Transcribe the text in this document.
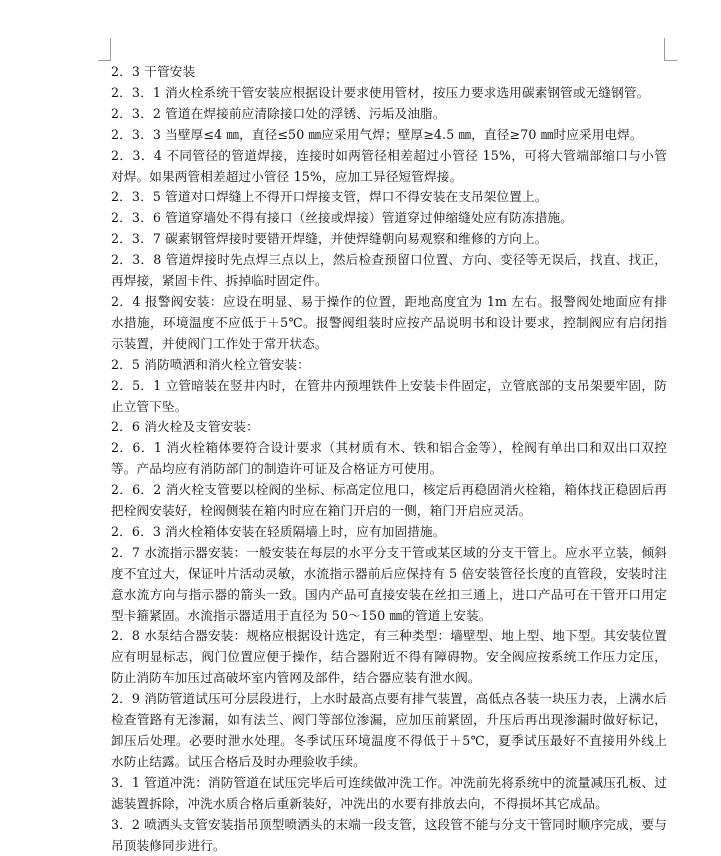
2．3 干管安装

2．3．1 消火栓系统干管安装应根据设计要求使用管材，按压力要求选用碳素钢管或无缝钢管。

2．3．2 管道在焊接前应清除接口处的浮锈、污垢及油脂。

2．3．3 当壁厚≤4 ㎜，直径≤50 ㎜应采用气焊；壁厚≥4.5 ㎜，直径≥70 ㎜时应采用电焊。

2．3．4 不同管径的管道焊接，连接时如两管径相差超过小管径 15%，可将大管端部缩口与小管对焊。如果两管相差超过小管径 15%，应加工异径短管焊接。

2．3．5 管道对口焊缝上不得开口焊接支管，焊口不得安装在支吊架位置上。

2．3．6 管道穿墙处不得有接口（丝接或焊接）管道穿过伸缩缝处应有防冻措施。

2．3．7 碳素钢管焊接时要错开焊缝，并使焊缝朝向易观察和维修的方向上。

2．3．8 管道焊接时先点焊三点以上，然后检查预留口位置、方向、变径等无误后，找直、找正，再焊接，紧固卡件、拆掉临时固定件。

2．4 报警阀安装：应设在明显、易于操作的位置，距地高度宜为 1m 左右。报警阀处地面应有排水措施，环境温度不应低于＋5℃。报警阀组装时应按产品说明书和设计要求，控制阀应有启闭指示装置，并使阀门工作处于常开状态。

2．5 消防喷洒和消火栓立管安装：

2．5．1 立管暗装在竖井内时，在管井内预埋铁件上安装卡件固定，立管底部的支吊架要牢固，防止立管下坠。

2．6 消火栓及支管安装：

2．6．1 消火栓箱体要符合设计要求（其材质有木、铁和铝合金等），栓阀有单出口和双出口双控等。产品均应有消防部门的制造许可证及合格证方可使用。

2．6．2 消火栓支管要以栓阀的坐标、标高定位甩口，核定后再稳固消火栓箱，箱体找正稳固后再把栓阀安装好，栓阀侧装在箱内时应在箱门开启的一侧，箱门开启应灵活。

2．6．3 消火栓箱体安装在轻质隔墙上时，应有加固措施。

2．7 水流指示器安装：一般安装在每层的水平分支干管或某区域的分支干管上。应水平立装，倾斜度不宜过大，保证叶片活动灵敏，水流指示器前后应保持有 5 倍安装管径长度的直管段，安装时注意水流方向与指示器的箭头一致。国内产品可直接安装在丝扣三通上，进口产品可在干管开口用定型卡箍紧固。水流指示器适用于直径为 50～150 ㎜的管道上安装。

2．8 水泵结合器安装：规格应根据设计选定，有三种类型：墙壁型、地上型、地下型。其安装位置应有明显标志，阀门位置应便于操作，结合器附近不得有障碍物。安全阀应按系统工作压力定压，防止消防车加压过高破坏室内管网及部件，结合器应装有泄水阀。

2．9 消防管道试压可分层段进行，上水时最高点要有排气装置，高低点各装一块压力表，上满水后检查管路有无渗漏，如有法兰、阀门等部位渗漏，应加压前紧固，升压后再出现渗漏时做好标记，卸压后处理。必要时泄水处理。冬季试压环境温度不得低于＋5℃，夏季试压最好不直接用外线上水防止结露。试压合格后及时办理验收手续。

3．1 管道冲洗：消防管道在试压完毕后可连续做冲洗工作。冲洗前先将系统中的流量减压孔板、过滤装置拆除，冲洗水质合格后重新装好，冲洗出的水要有排放去向，不得损坏其它成品。

3．2 喷洒头支管安装指吊顶型喷洒头的末端一段支管，这段管不能与分支干管同时顺序完成，要与吊顶装修同步进行。
